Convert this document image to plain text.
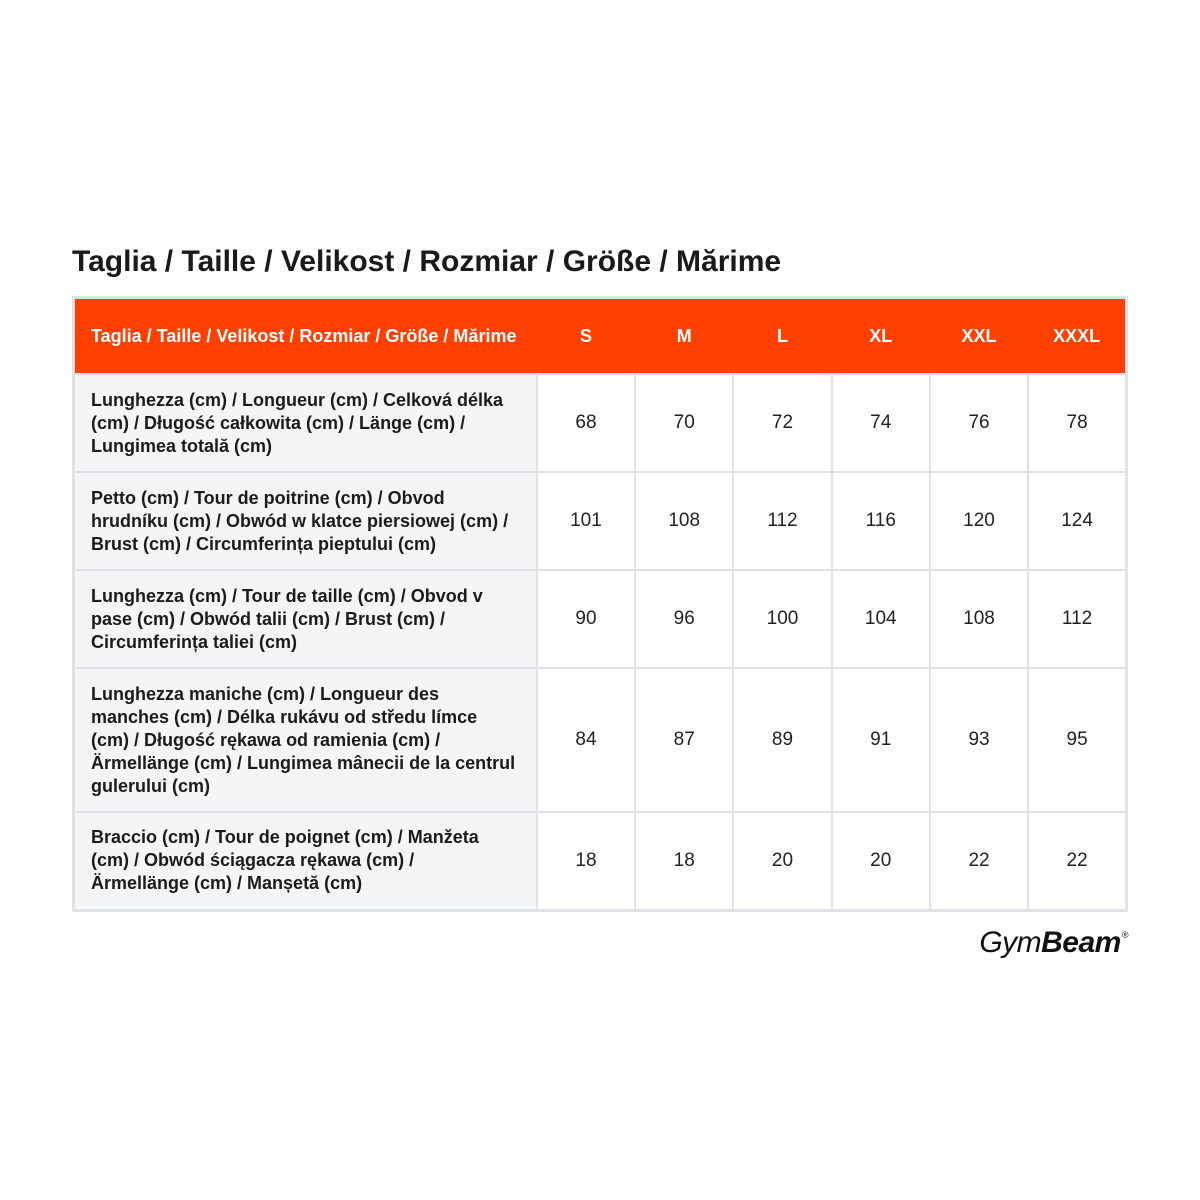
Taglia / Taille / Velikost / Rozmiar / Größe / Mărime
Taglia / Taille / Velikost / Rozmiar / Größe / Mărime	S	M	L	XL	XXL	XXXL
Lunghezza (cm) / Longueur (cm) / Celková délka (cm) / Długość całkowita (cm) / Länge (cm) / Lungimea totală (cm)	68	70	72	74	76	78
Petto (cm) / Tour de poitrine (cm) / Obvod hrudníku (cm) / Obwód w klatce piersiowej (cm) / Brust (cm) / Circumferința pieptului (cm)	101	108	112	116	120	124
Lunghezza (cm) / Tour de taille (cm) / Obvod v pase (cm) / Obwód talii (cm) / Brust (cm) / Circumferința taliei (cm)	90	96	100	104	108	112
Lunghezza maniche (cm) / Longueur des manches (cm) / Délka rukávu od středu límce (cm) / Długość rękawa od ramienia (cm) / Ärmellänge (cm) / Lungimea mânecii de la centrul gulerului (cm)	84	87	89	91	93	95
Braccio (cm) / Tour de poignet (cm) / Manžeta (cm) / Obwód ściągacza rękawa (cm) / Ärmellänge (cm) / Manșetă (cm)	18	18	20	20	22	22
GymBeam®
